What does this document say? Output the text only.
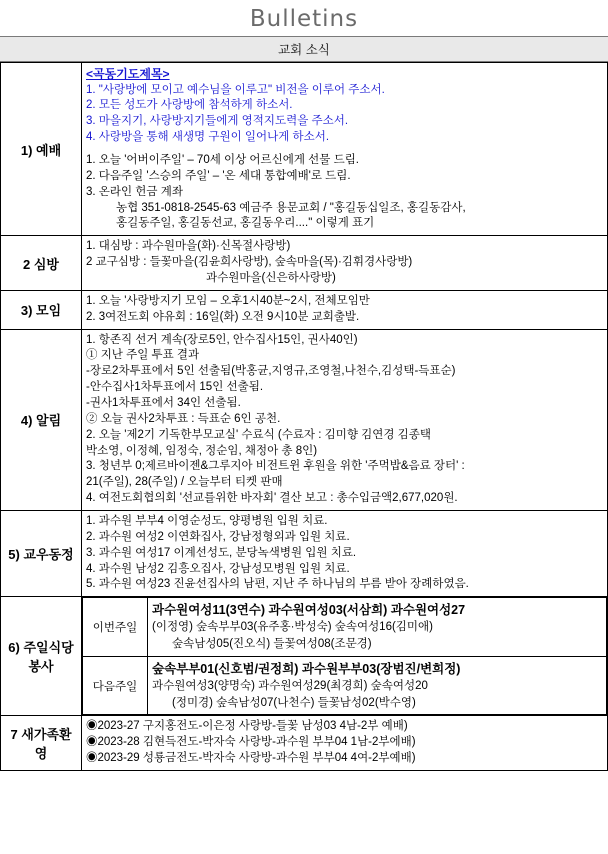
Bulletins
교회 소식
1) 예배	
<곡동기도제목>
1. "사랑방에 모이고 예수님을 이루고" 비전을 이루어 주소서.
2. 모든 성도가 사랑방에 참석하게 하소서.
3. 마을지기, 사랑방지기들에게 영적지도력을 주소서.
4. 사랑방을 통해 새생명 구원이 일어나게 하소서.
1. 오늘 '어버이주일' – 70세 이상 어르신에게 선물 드림.
2. 다음주일 '스승의 주일' – '온 세대 통합예배'로 드림.
3. 온라인 헌금 계좌
농협 351-0818-2545-63 예금주 용문교회 / "홍길동십일조, 홍길동감사,
홍길동주일, 홍길동선교, 홍길동우리...." 이렇게 표기

2 심방	
1. 대심방 : 과수원마을(화)·신목절사랑방)
2 교구심방 : 들꽃마을(김윤희사랑방), 숲속마을(목)·김휘경사랑방)
과수원마을(신은하사랑방)

3) 모임	
1. 오늘 '사랑방지기 모임 – 오후1시40분~2시, 전체모임만
2. 3여전도회 야유회 : 16일(화) 오전 9시10분 교회출발.

4) 알림	
1. 항존직 선거 계속(장로5인, 안수집사15인, 권사40인)
① 지난 주일 투표 결과
-장로2차투표에서 5인 선출됨(박홍균,지영규,조영철,나천수,김성택-득표순)
-안수집사1차투표에서 15인 선출됨.
-권사1차투표에서 34인 선출됨.
② 오늘 권사2차투표 : 득표순 6인 공천.
2. 오늘 '제2기 기독한부모교실' 수료식 (수료자 : 김미향 김연경 김종택
박소영, 이정혜, 임정숙, 정순임, 채정아 총 8인)
3. 청년부 0;제르바이젠&그루지아 비전트윈 후원을 위한 '주먹밥&음료 장터' :
21(주일), 28(주일) / 오늘부터 티켓 판매
4. 여전도회협의회 '선교를위한 바자회' 결산 보고 : 총수입금액2,677,020원.

5) 교우동정	
1. 과수원 부부4 이영순성도, 양평병원 입원 치료.
2. 과수원 여성2 이연화집사, 강남정형외과 입원 치료.
3. 과수원 여성17 이계선성도, 분당녹색병원 입원 치료.
4. 과수원 남성2 김흥오집사, 강남성모병원 입원 치료.
5. 과수원 여성23 진윤선집사의 남편, 지난 주 하나님의 부름 받아 장례하였음.

6) 주일식당봉사	
이번주일	
과수원여성11(3연수) 과수원여성03(서삼희) 과수원여성27
(이정영) 숲속부부03(유주홍·박성숙) 숲속여성16(김미애)
숲속남성05(진오식) 들꽃여성08(조문경)

다음주일	
숲속부부01(신호범/권정희) 과수원부부03(장범진/변희정)
과수원여성3(양명숙) 과수원여성29(최경희) 숲속여성20
(정미경) 숲속남성07(나천수) 들꽃남성02(박수영)

7 새가족환영	
◉2023-27 구지홍전도-이은정 사랑방-들꽃 남성03 4남-2부 예배)
◉2023-28 김현득전도-박자숙 사랑방-과수원 부부04 1남-2부에배)
◉2023-29 성룡금전도-박자숙 사랑방-과수원 부부04 4여-2부예배)
